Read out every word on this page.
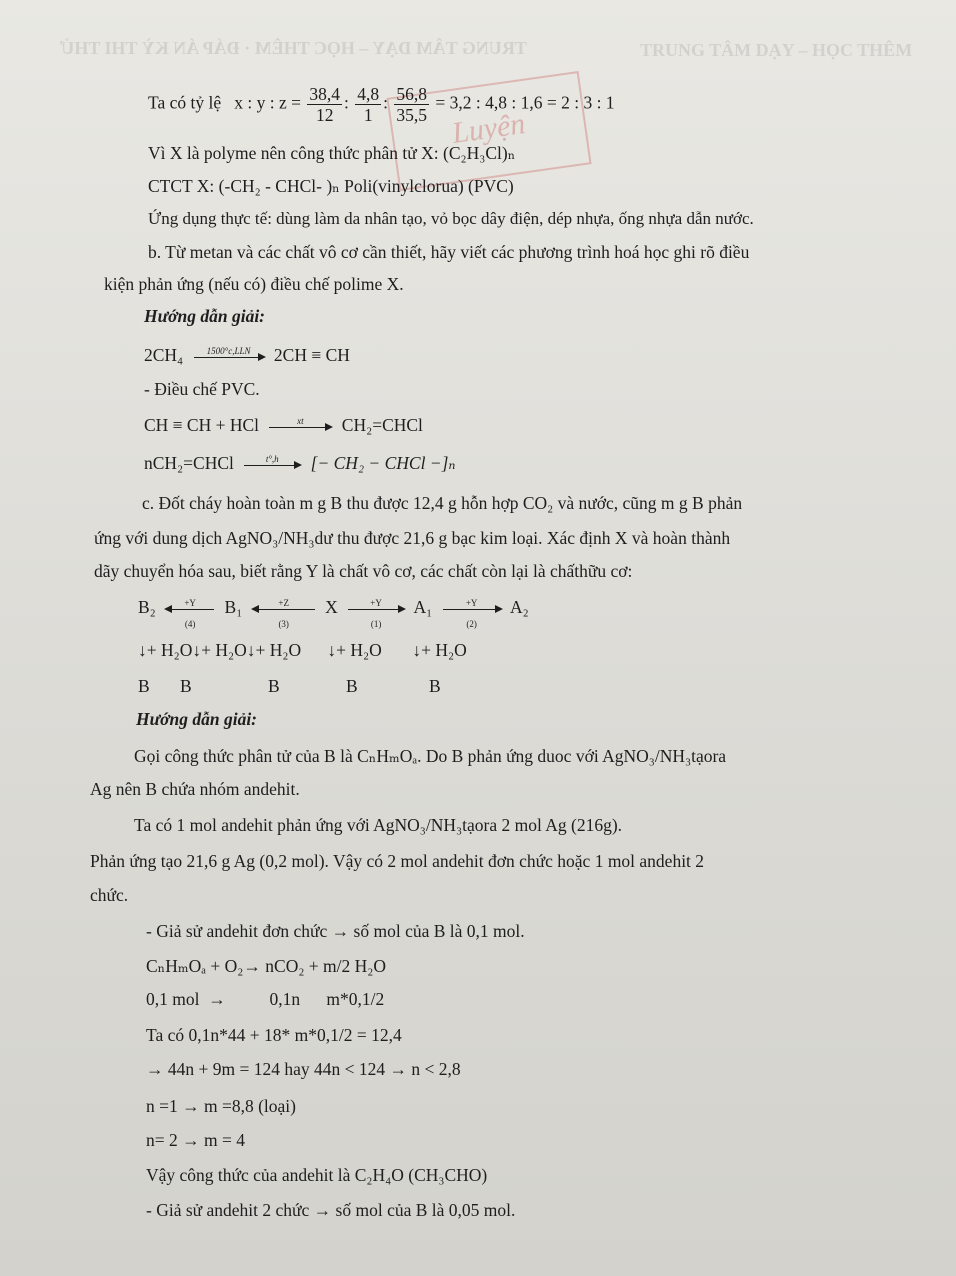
TRUNG TÂM DẠY – HỌC THÊM · ĐÁP ÁN KỲ THI THỬ	TRUNG TÂM DẠY – HỌC THÊM
Luyện
Ta có tỷ lệ x : y : $z = \frac{38,4}{12}$ : $\frac{4,8}{1}$ : $\frac{56,8}{35,5} = 3,2$ : 4,8 : 1,6 = 2 : 3 : 1
Vì X là polyme nên công thức phân tử X: (C₂H₃Cl)ₙ
CTCT X: (-CH₂ - CHCl- )ₙ Poli(vinylclorua) (PVC)
Ứng dụng thực tế: dùng làm da nhân tạo, vỏ bọc dây điện, dép nhựa, ống nhựa dẫn nước.
b. Từ metan và các chất vô cơ cần thiết, hãy viết các phương trình hoá học ghi rõ điều
kiện phản ứng (nếu có) điều chế polime X.
Hướng dẫn giải:
2CH₄	1500°c,LLN	2CH ≡ CH
- Điều chế PVC.
CH ≡ CH + HCl	xt	CH₂=CHCl
nCH₂=CHCl	t°,h	[− CH₂ − CHCl −]ₙ
c. Đốt cháy hoàn toàn m g B thu được 12,4 g hỗn hợp CO₂ và nước, cũng m g B phản
ứng với dung dịch AgNO₃/NH₃dư thu được 21,6 g bạc kim loại. Xác định X và hoàn thành
dãy chuyển hóa sau, biết rằng Y là chất vô cơ, các chất còn lại là chấthữu cơ:
$B_2 \frac{+Y}{(4)} B_1 \frac{+Z}{(3)}$ X $\frac{+Y}{(1)} A_1 \frac{+Y}{(2)} A_2$
↓+ H₂O↓+ H₂O↓+ H₂O      ↓+ H₂O       ↓+ H₂O
B B	B	B	B
Hướng dẫn giải:
Gọi công thức phân tử của B là CₙHₘOₐ. Do B phản ứng duoc với AgNO₃/NH₃tạora
Ag nên B chứa nhóm andehit.
Ta có 1 mol andehit phản ứng với AgNO₃/NH₃tạora 2 mol Ag (216g).
Phản ứng tạo 21,6 g Ag (0,2 mol). Vậy có 2 mol andehit đơn chức hoặc 1 mol andehit 2
chức.
- Giả sử andehit đơn chức → số mol của B là 0,1 mol.
CₙHₘOₐ + O₂→ nCO₂ + m/2 H₂O
0,1 mol  →          0,1n      m*0,1/2
Ta có 0,1n*44 + 18* m*0,1/2 = 12,4
→ 44n + 9m = 124 hay 44n < 124 → n < 2,8
n =1 → m =8,8 (loại)
n= 2 → m = 4
Vậy công thức của andehit là C₂H₄O (CH₃CHO)
- Giả sử andehit 2 chức → số mol của B là 0,05 mol.
